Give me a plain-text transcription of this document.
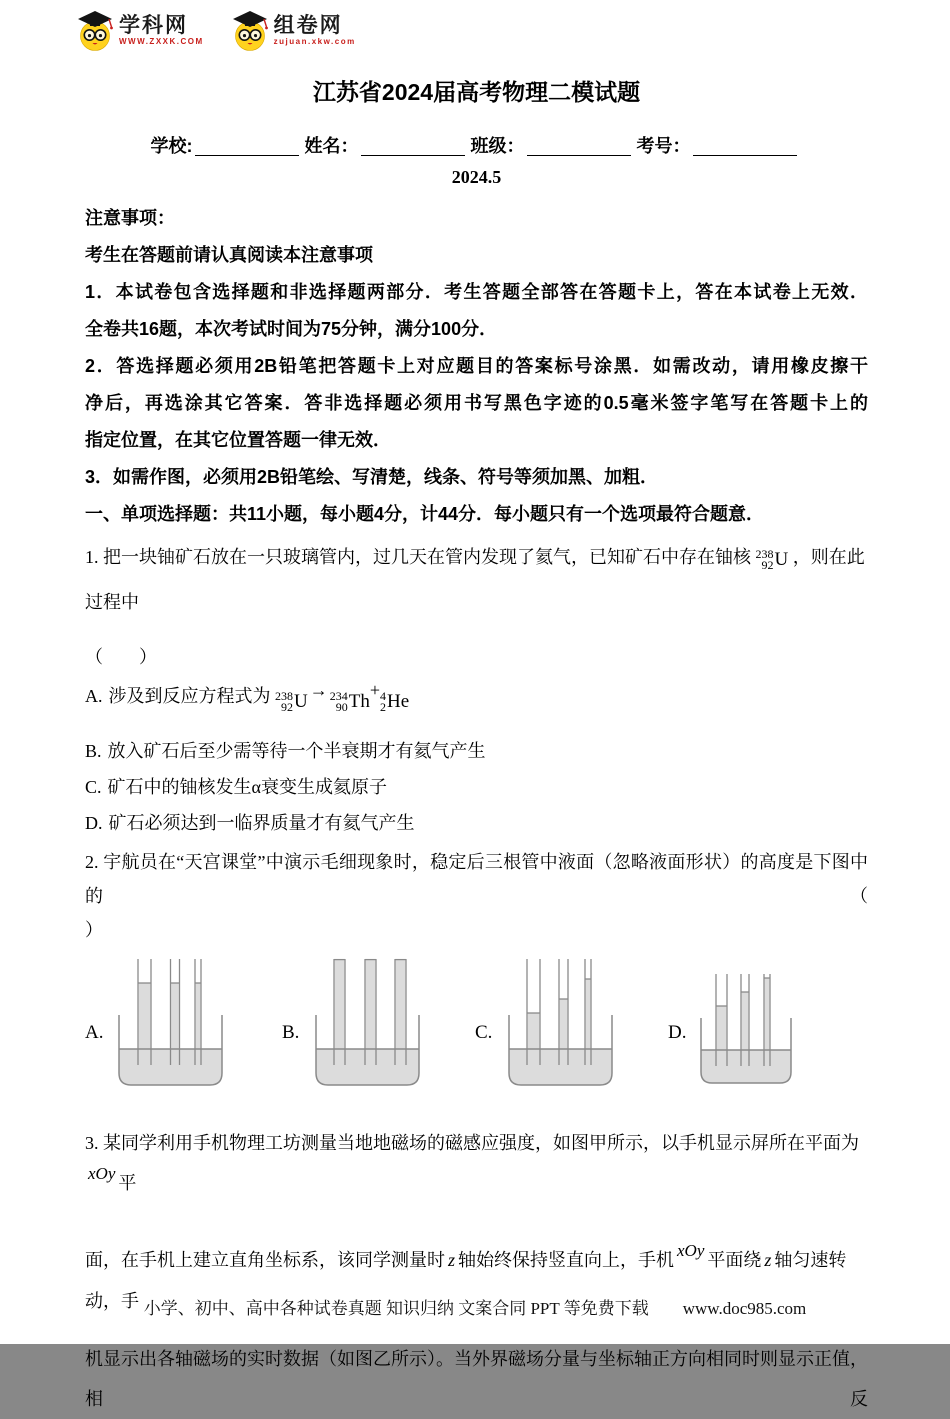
学科网
WWW.ZXXK.COM
组卷网
zujuan.xkw.com
江苏省2024届高考物理二模试题
学校:	姓名：	班级：	考号：
2024.5
注意事项：
考生在答题前请认真阅读本注意事项
1．本试卷包含选择题和非选择题两部分．考生答题全部答在答题卡上，答在本试卷上无效．
全卷共16题，本次考试时间为75分钟，满分100分．
2．答选择题必须用2B铅笔把答题卡上对应题目的答案标号涂黑．如需改动，请用橡皮擦干
净后，再选涂其它答案．答非选择题必须用书写黑色字迹的0.5毫米签字笔写在答题卡上的
指定位置，在其它位置答题一律无效．
3．如需作图，必须用2B铅笔绘、写清楚，线条、符号等须加黑、加粗．
一、单项选择题：共11小题，每小题4分，计44分．每小题只有一个选项最符合题意．
1. 把一块铀矿石放在一只玻璃管内，过几天在管内发现了氦气，已知矿石中存在铀核 238
92 U ，则在此过程中
（　　）
A. 涉及到反应方程式为 238
92 U
→ 234
90 Th
+ 4
2 He
B. 放入矿石后至少需等待一个半衰期才有氦气产生
C. 矿石中的铀核发生α衰变生成氦原子
D. 矿石必须达到一临界质量才有氦气产生
2. 宇航员在“天宫课堂”中演示毛细现象时，稳定后三根管中液面（忽略液面形状）的高度是下图中的（
）
A.	B.	C.	D.
3. 某同学利用手机物理工坊测量当地地磁场的磁感应强度，如图甲所示，以手机显示屏所在平面为xOy 平
面，在手机上建立直角坐标系，该同学测量时 z 轴始终保持竖直向上，手机 xOy 平面绕 z 轴匀速转动，手
机显示出各轴磁场的实时数据（如图乙所示）。当外界磁场分量与坐标轴正方向相同时则显示正值，相反
小学、初中、高中各种试卷真题 知识归纳 文案合同 PPT 等免费下载 www.doc985.com
